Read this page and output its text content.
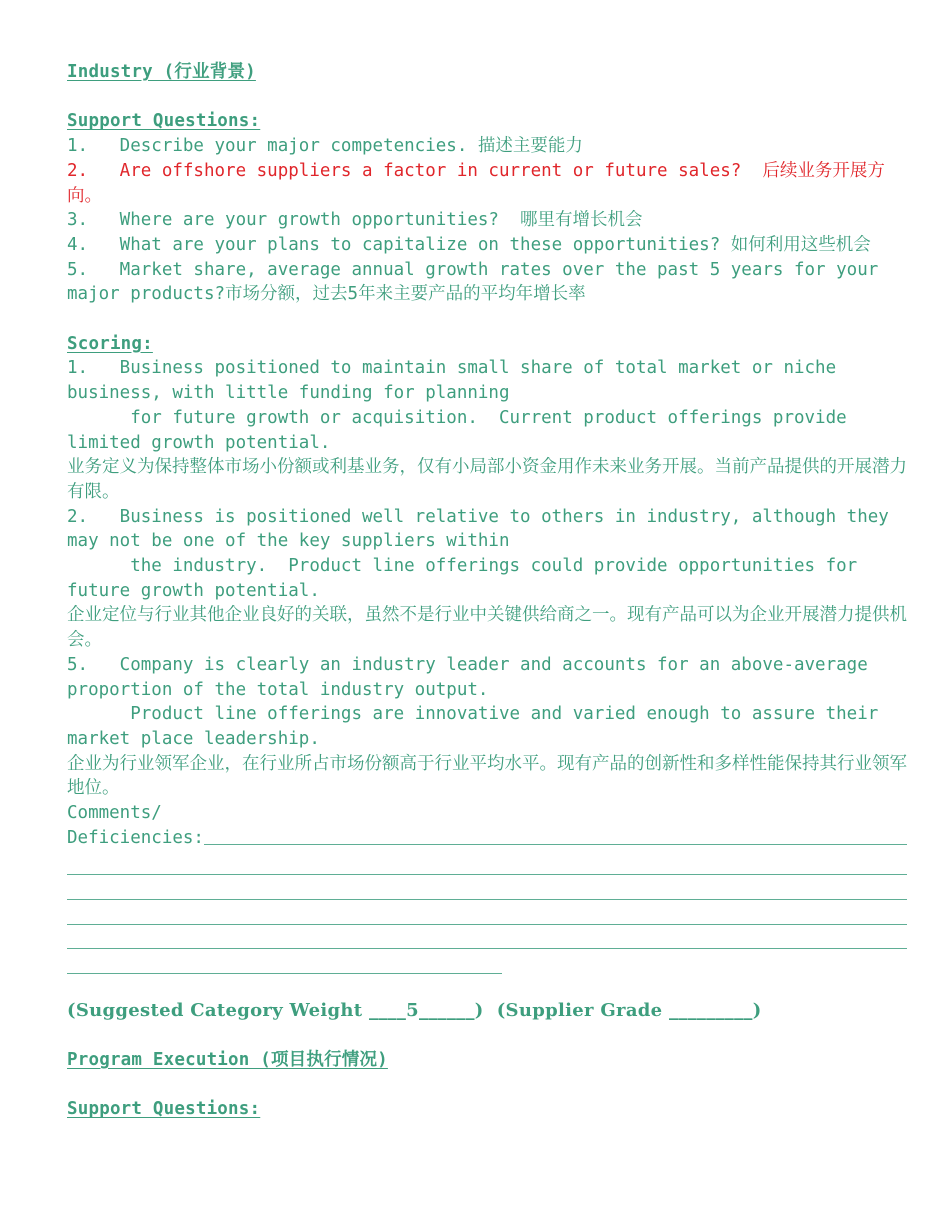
Industry (行业背景)
Support Questions:
1.   Describe your major competencies. 描述主要能力
2.   Are offshore suppliers a factor in current or future sales?  后续业务开展方向。
3.   Where are your growth opportunities?  哪里有增长机会
4.   What are your plans to capitalize on these opportunities? 如何利用这些机会
5.   Market share, average annual growth rates over the past 5 years for your major products?市场分额，过去5年来主要产品的平均年增长率
Scoring:
1.   Business positioned to maintain small share of total market or niche business, with little funding for planning
for future growth or acquisition.  Current product offerings provide limited growth potential.
业务定义为保持整体市场小份额或利基业务，仅有小局部小资金用作未来业务开展。当前产品提供的开展潜力有限。
2.   Business is positioned well relative to others in industry, although they may not be one of the key suppliers within
the industry.  Product line offerings could provide opportunities for future growth potential.
企业定位与行业其他企业良好的关联，虽然不是行业中关键供给商之一。现有产品可以为企业开展潜力提供机会。
5.   Company is clearly an industry leader and accounts for an above-average proportion of the total industry output.
Product line offerings are innovative and varied enough to assure their market place leadership.
企业为行业领军企业，在行业所占市场份额高于行业平均水平。现有产品的创新性和多样性能保持其行业领军地位。
Comments/
Deficiencies:
(Suggested Category Weight ____5______)  (Supplier Grade _________)
Program Execution (项目执行情况)
Support Questions:
